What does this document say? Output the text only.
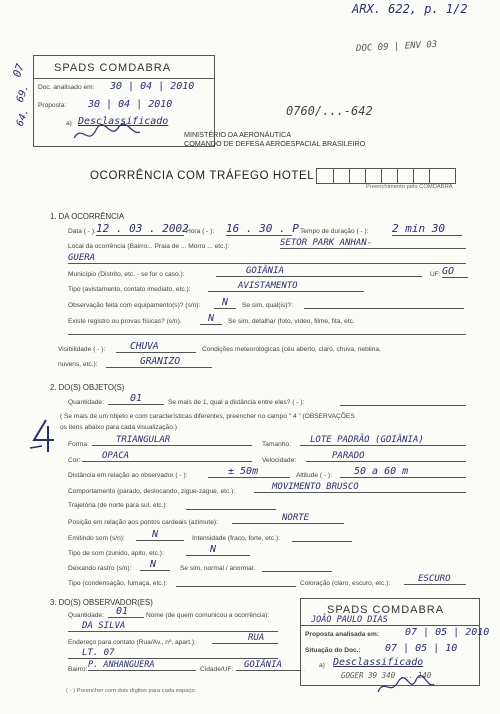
ARX. 622, p. 1/2
SPADS COMDABRA
Doc. analisado em: 30 | 04 | 2010
Proposta: 30 | 04 | 2010
a) Desclassificado
07
69.
64.
DOC 09 | ENV 03
0760/...-642
MINISTÉRIO DA AERONÁUTICA
COMANDO DE DEFESA AEROESPACIAL BRASILEIRO
OCORRÊNCIA COM TRÁFEGO HOTEL
Preenchimento pelo COMDABRA
1. DA OCORRÊNCIA
Data ( - ): 12 . 03 . 2002
Hora ( - ): 16 . 30 . P Tempo de duração ( - ): 2 min 30
Local da ocorrência (Bairro... Praia de ... Morro ... etc.):	SETOR PARK ANHAN-
GUERA
Município (Distrito, etc. - se for o caso.):	GOIÂNIA	UF: GO
Tipo (avistamento, contato imediato, etc.):	AVISTAMENTO
Observação feita com equipamento(s)? (s/n):	N	Se sim, qual(is)?:
Existe registro ou provas físicas? (s/n).	N	Se sim, detalhar (foto, vídeo, filme, fita, etc.
Visibilidade ( - ):	CHUVA	Condições meteorológicas (céu aberto, claro, chuva, neblina,
nuvens, etc.):	GRANIZO
2. DO(S) OBJETO(S)
Quantidade:	01	Se mais de 1, qual a distância entre eles? ( - ):
( Se mais de um objeto e com características diferentes, preencher no campo " 4 " (OBSERVAÇÕES
os itens abaixo para cada visualização.)
Forma:	TRIANGULAR	Tamanho:	LOTE PADRÃO (GOIÂNIA)
Cor:	OPACA	Velocidade:	PARADO
Distância em relação ao observador ( - ):	± 50m	Altitude ( - ):	50 a 60 m
Comportamento (parado, deslocando, zigue-zague, etc.):	MOVIMENTO BRUSCO
Trajetória (de norte para sul, etc.):
Posição em relação aos pontos cardeais (azimute):	NORTE
Emitindo som (s/n):	N	Intensidade (fraco, forte, etc.):
Tipo de som (zunido, apito, etc.):	N
Deixando rastro (s/n):	N	Se sim, normal / anormal:
Tipo (condensação, fumaça, etc.):	Coloração (claro, escuro, etc.):	ESCURO
3. DO(S) OBSERVADOR(ES)
Quantidade:	01	Nome (de quem comunicou a ocorrência):
DA SILVA
Endereço para contato (Rua/Av., nº, apart.):	RUA
LT. 07
Bairro: P. ANHANGUERA	Cidade/UF:	GOIÂNIA
( - ) Preencher com dois dígitos para cada espaço.
SPADS COMDABRA
JOÃO PAULO DIAS
Proposta analisada em:	07 | 05 | 2010
Situação do Doc.: 07 | 05 | 10
a) Desclassificado
GOGER 39 340 ... 140
